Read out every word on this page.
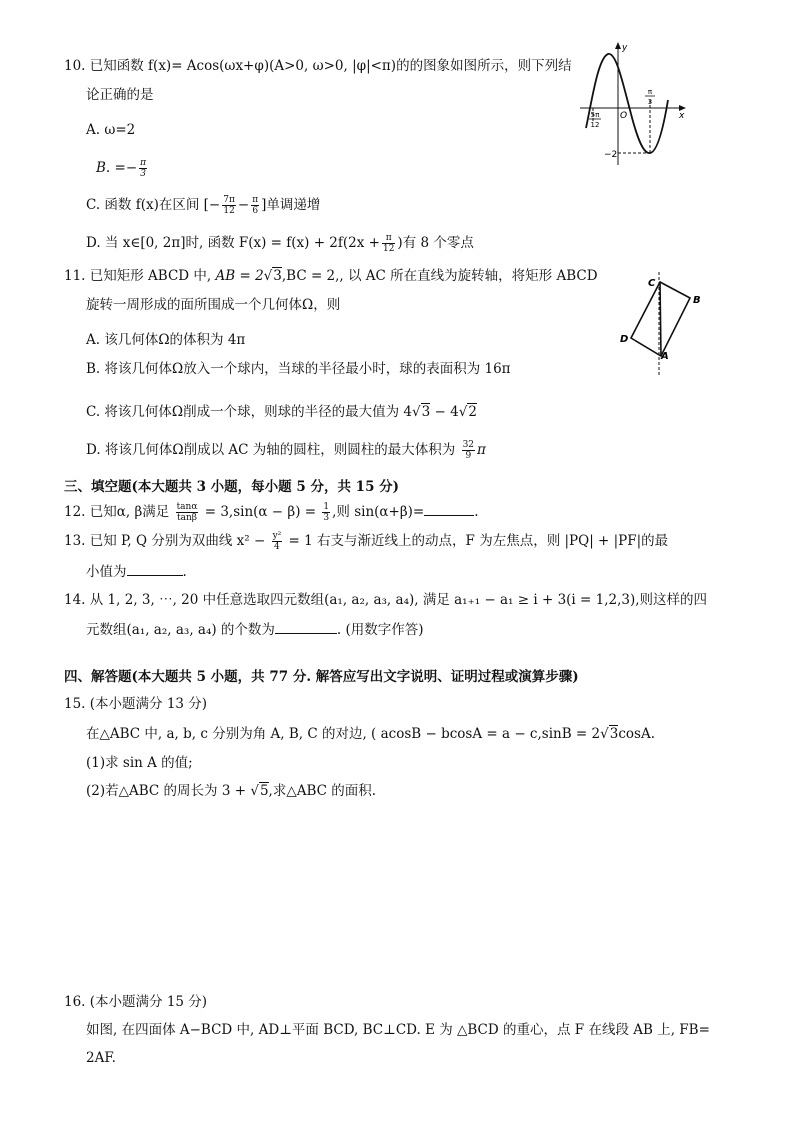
10. 已知函数 f(x)= Acos(ωx+φ)(A>0, ω>0, |φ|<π)的的图象如图所示，则下列结
论正确的是
A. ω=2
B. =− $\frac{\pi}{3}$
C. 函数 f(x)在区间 [− $\frac{7\pi}{12} - \frac{\pi}{6}$ ]单调递增
D. 当 x∈[0, 2π]时, 函数 $F(x) = f(x) + 2f(2x + \frac{\pi}{12}$ )有 8 个零点
y
x
O
5π
12
π
3
−2
11. 已知矩形 ABCD 中, AB = 2√3,BC = 2,, 以 AC 所在直线为旋转轴，将矩形 ABCD
旋转一周形成的面所围成一个几何体Ω，则
A. 该几何体Ω的体积为 4π
B. 将该几何体Ω放入一个球内，当球的半径最小时，球的表面积为 16π
C. 将该几何体Ω削成一个球，则球的半径的最大值为 4√3 − 4√2
D. 将该几何体Ω削成以 AC 为轴的圆柱，则圆柱的最大体积为 $\frac{32}{9}$ π
C
B
D
A
三、填空题(本大题共 3 小题，每小题 5 分，共 15 分)
12. 已知α, β满足 $\frac{\tan\alpha}{\tan\beta} = 3,\sin(\alpha - \beta) = \frac{1}{3}$ ,则 sin(α+β)=	.
13. 已知 P, Q 分别为双曲线 $x^2 - \frac{\text{y²}}{4} = 1$ 右支与渐近线上的动点，F 为左焦点，则 |PQ| + |PF|的最
小值为	.
14. 从 1, 2, 3, ⋯, 20 中任意选取四元数组(a₁, a₂, a₃, a₄), 满足 a₁₊₁ − a₁ ≥ i + 3(i = 1,2,3),则这样的四
元数组(a₁, a₂, a₃, a₄) 的个数为	. (用数字作答)
四、解答题(本大题共 5 小题，共 77 分. 解答应写出文字说明、证明过程或演算步骤)
15. (本小题满分 13 分)
在△ABC 中, a, b, c 分别为角 A, B, C 的对边, ( acosB − bcosA = a − c,sinB = 2√3cosA.
(1)求 sin A 的值;
(2)若△ABC 的周长为 3 + √5,求△ABC 的面积.
16. (本小题满分 15 分)
如图, 在四面体 A−BCD 中, AD⊥平面 BCD, BC⊥CD. E 为 △BCD 的重心，点 F 在线段 AB 上, FB=
2AF.
